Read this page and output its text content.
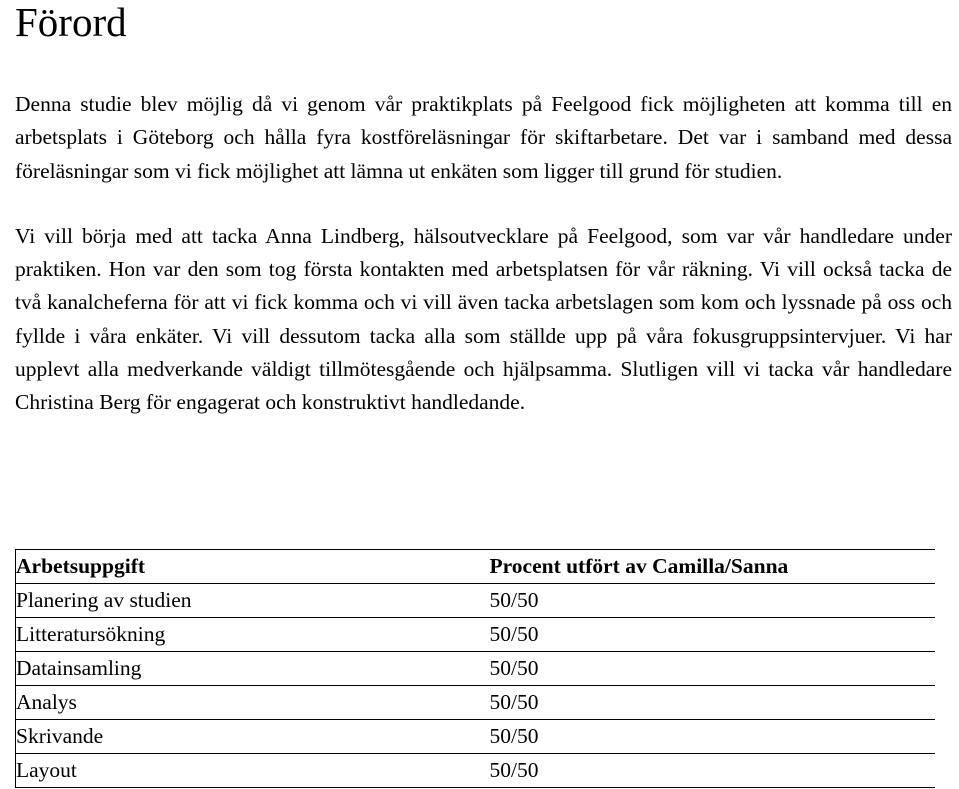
Förord

Denna studie blev möjlig då vi genom vår praktikplats på Feelgood fick möjligheten att komma till en arbetsplats i Göteborg och hålla fyra kostföreläsningar för skiftarbetare. Det var i samband med dessa föreläsningar som vi fick möjlighet att lämna ut enkäten som ligger till grund för studien.

Vi vill börja med att tacka Anna Lindberg, hälsoutvecklare på Feelgood, som var vår handledare under praktiken. Hon var den som tog första kontakten med arbetsplatsen för vår räkning. Vi vill också tacka de två kanalcheferna för att vi fick komma och vi vill även tacka arbetslagen som kom och lyssnade på oss och fyllde i våra enkäter. Vi vill dessutom tacka alla som ställde upp på våra fokusgruppsintervjuer. Vi har upplevt alla medverkande väldigt tillmötesgående och hjälpsamma. Slutligen vill vi tacka vår handledare Christina Berg för engagerat och konstruktivt handledande.

Arbetsuppgift	Procent utfört av Camilla/Sanna
Planering av studien	50/50
Litteratursökning	50/50
Datainsamling	50/50
Analys	50/50
Skrivande	50/50
Layout	50/50
